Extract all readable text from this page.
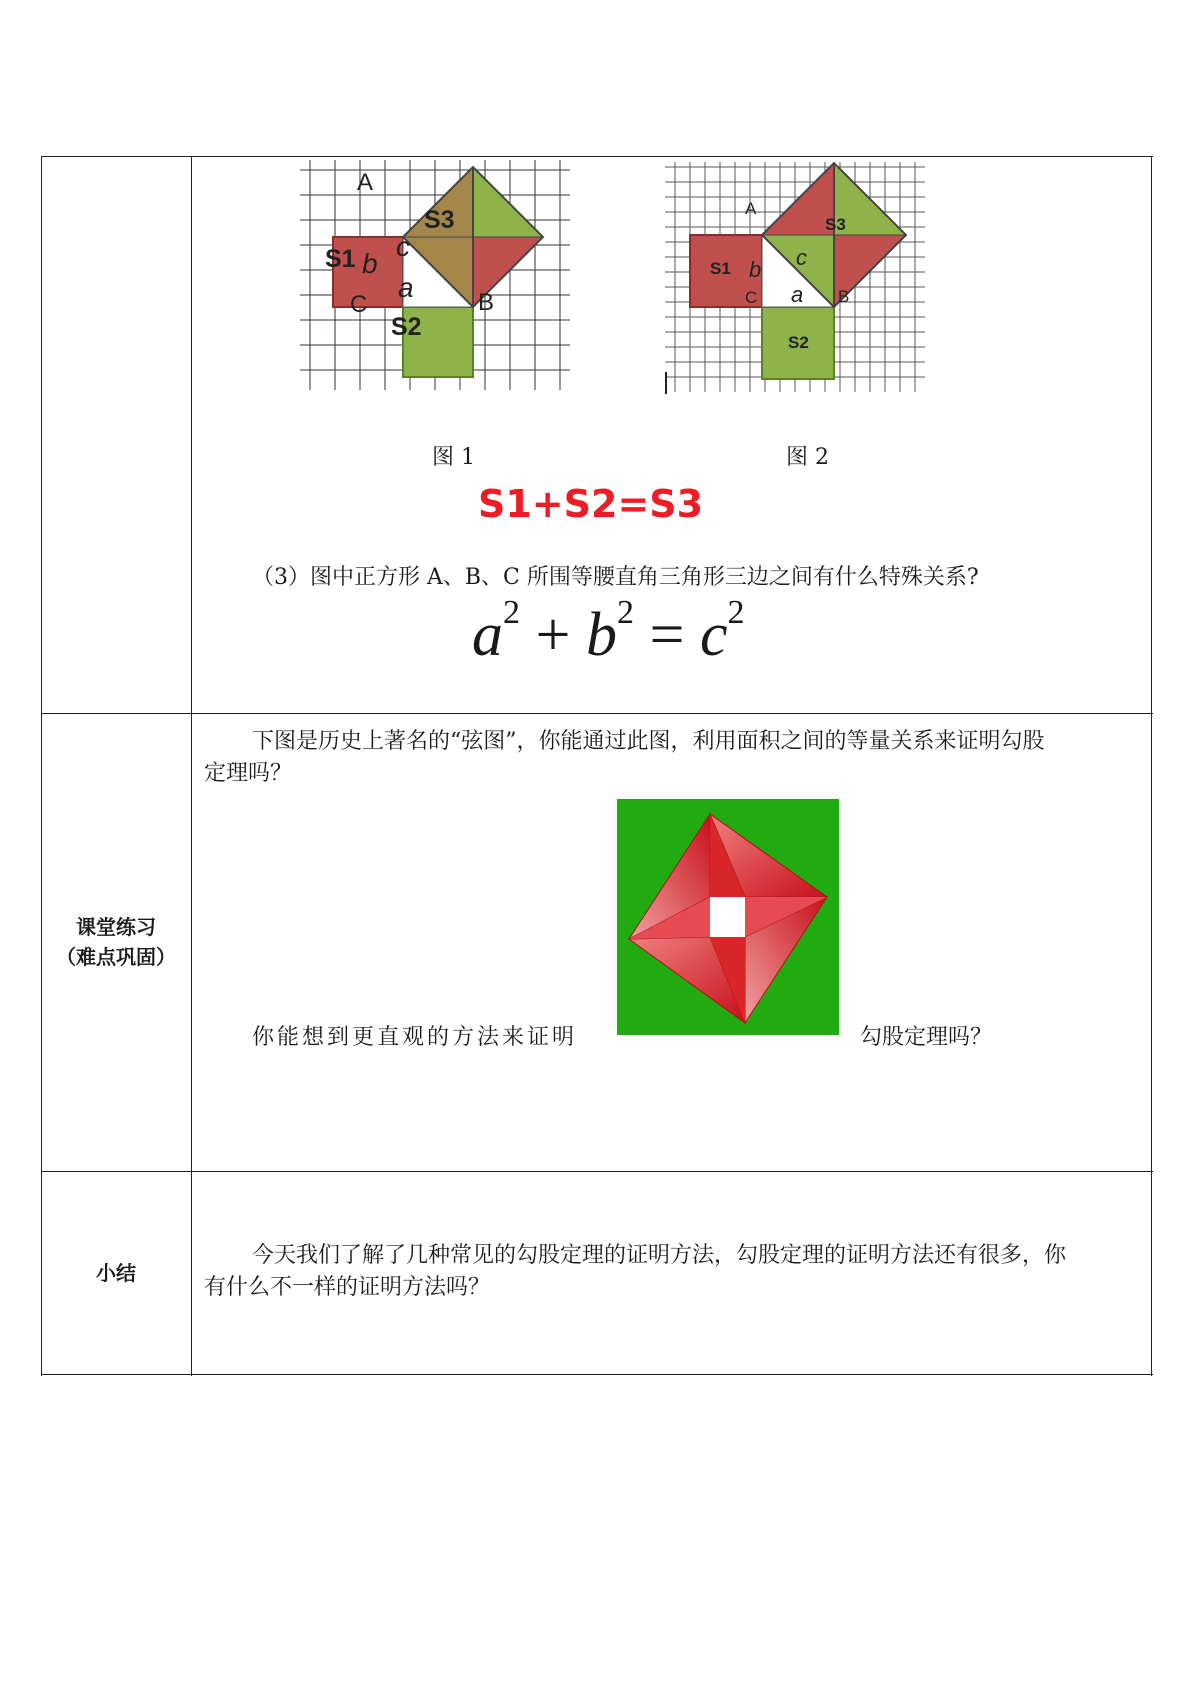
A
C	B
S1
S2
S3
b
c
a
A
C	B
S1
S2
S3
b c
a
图 1	图 2
S1+S2=S3
（3）图中正方形 A、B、C 所围等腰直角三角形三边之间有什么特殊关系?
$a^2 + b^2 = c^2$
课堂练习
（难点巩固）
下图是历史上著名的“弦图”，你能通过此图，利用面积之间的等量关系来证明勾股
定理吗？
你能想到更直观的方法来证明	勾股定理吗？
小结
今天我们了解了几种常见的勾股定理的证明方法，勾股定理的证明方法还有很多，你
有什么不一样的证明方法吗？
